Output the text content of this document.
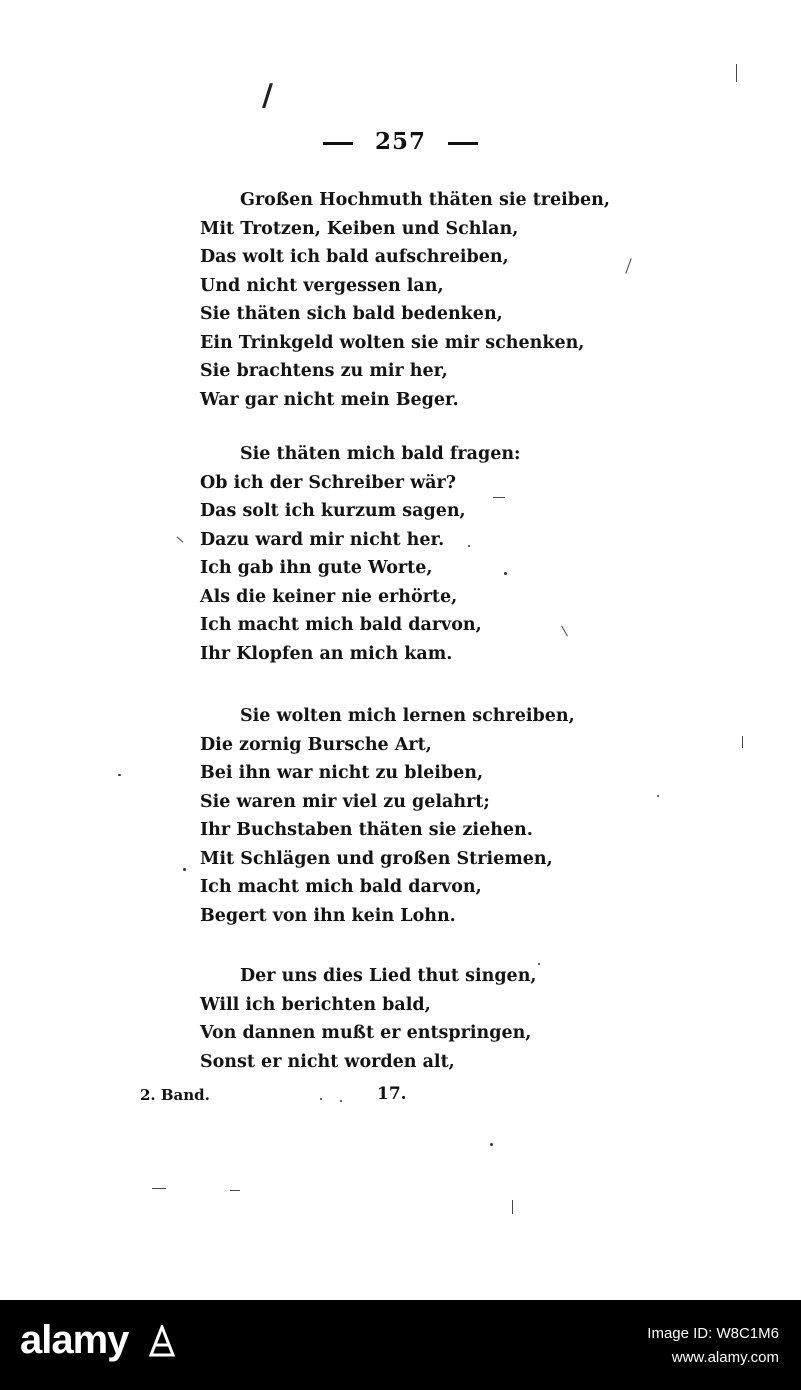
/
257
Großen Hochmuth thäten sie treiben,
Mit Trotzen, Keiben und Schlan,
Das wolt ich bald aufschreiben,
Und nicht vergessen lan,
Sie thäten sich bald bedenken,
Ein Trinkgeld wolten sie mir schenken,
Sie brachtens zu mir her,
War gar nicht mein Beger.
Sie thäten mich bald fragen:
Ob ich der Schreiber wär?
Das solt ich kurzum sagen,
Dazu ward mir nicht her.
Ich gab ihn gute Worte,
Als die keiner nie erhörte,
Ich macht mich bald darvon,
Ihr Klopfen an mich kam.
Sie wolten mich lernen schreiben,
Die zornig Bursche Art,
Bei ihn war nicht zu bleiben,
Sie waren mir viel zu gelahrt;
Ihr Buchstaben thäten sie ziehen.
Mit Schlägen und großen Striemen,
Ich macht mich bald darvon,
Begert von ihn kein Lohn.
Der uns dies Lied thut singen,
Will ich berichten bald,
Von dannen mußt er entspringen,
Sonst er nicht worden alt,
2. Band.	17.
alamy	Image ID: W8C1M6
www.alamy.com
